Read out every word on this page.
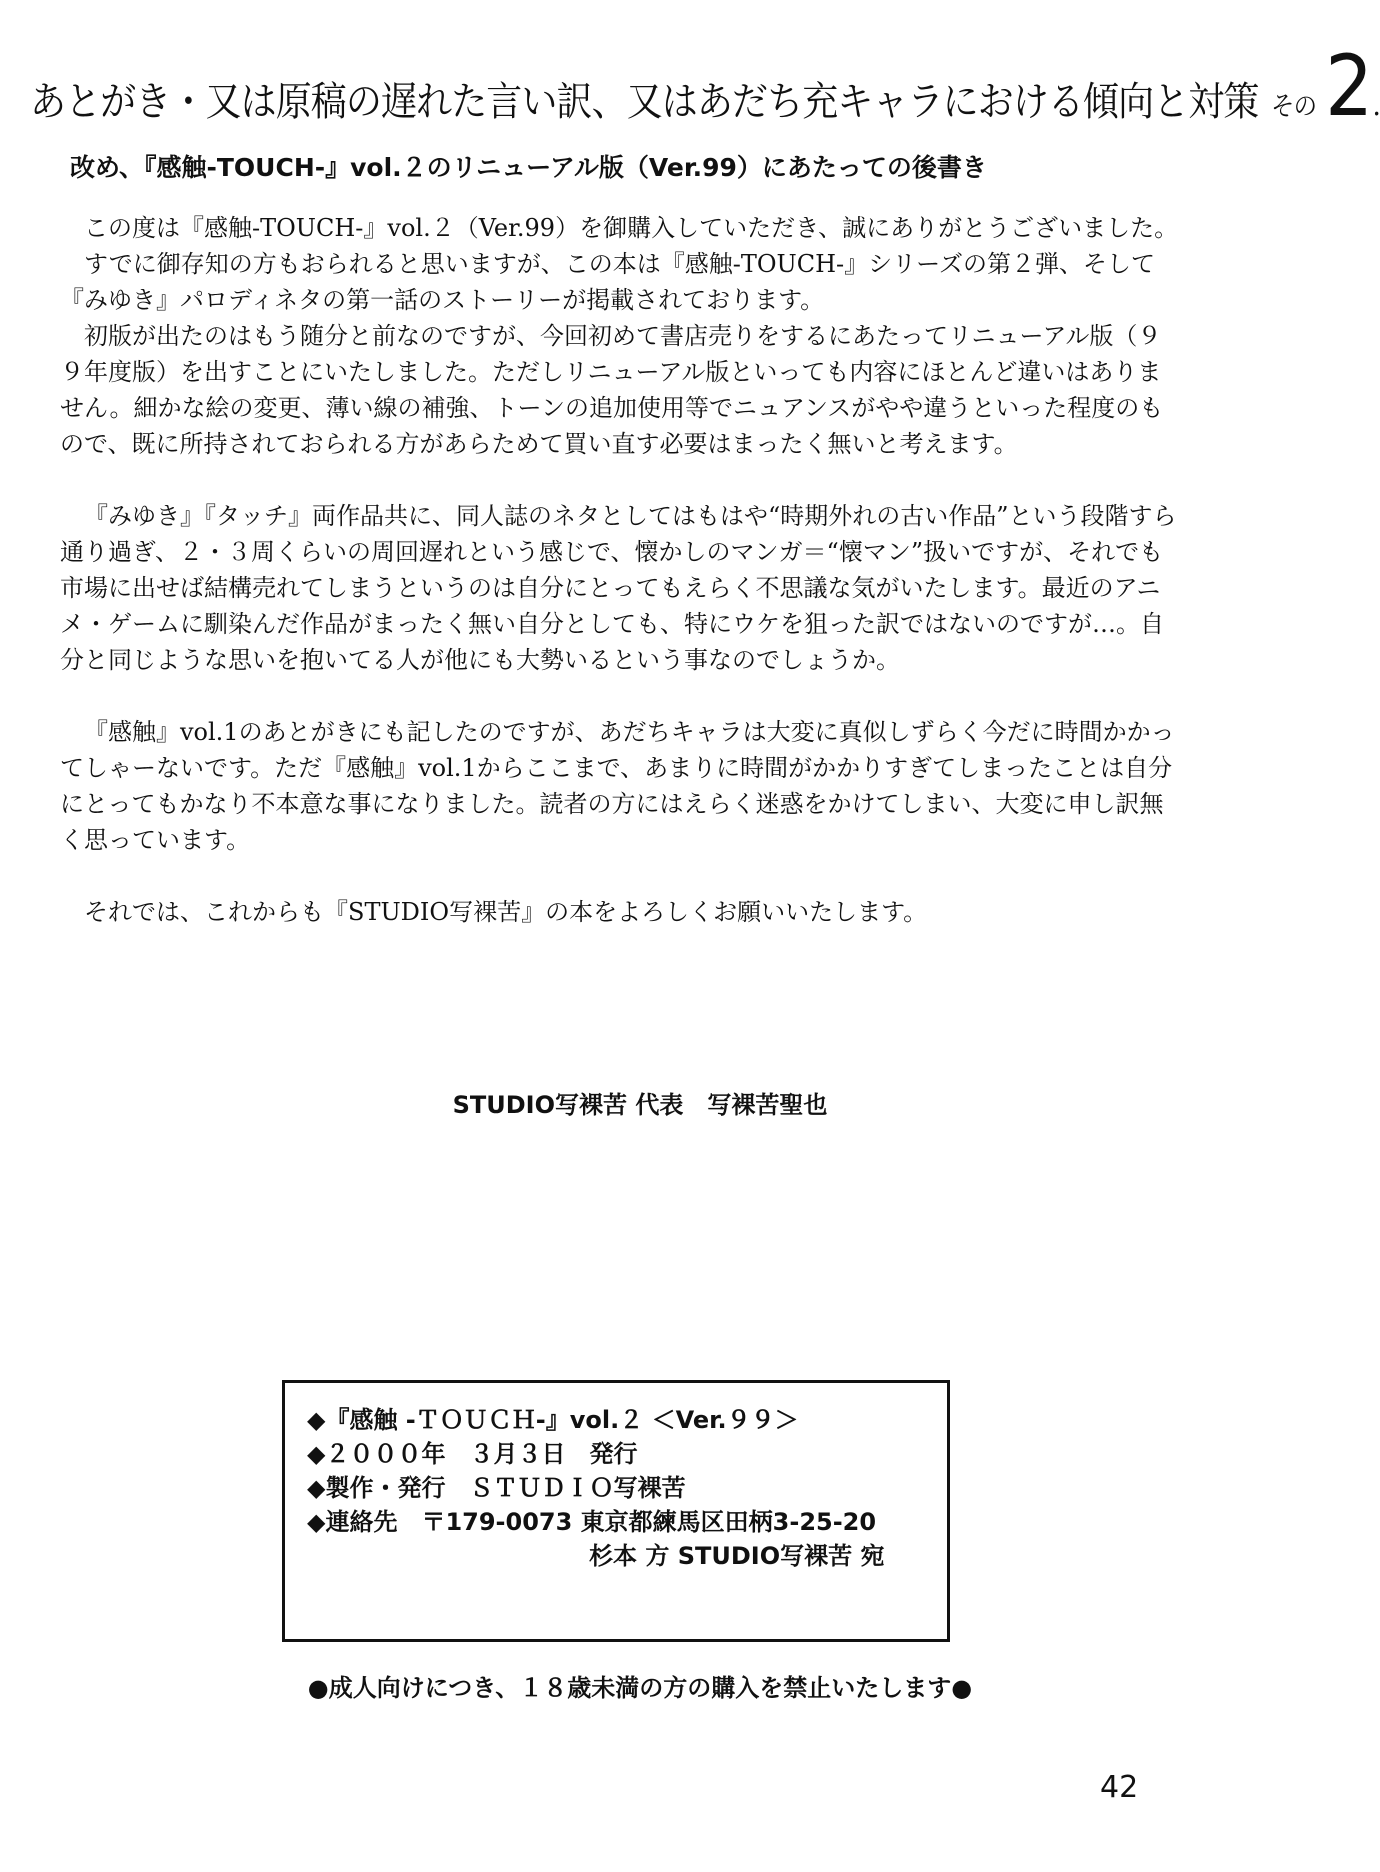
あとがき・又は原稿の遅れた言い訳、又はあだち充キャラにおける傾向と対策 その 2.
改め、『感触-TOUCH-』vol.２のリニューアル版（Ver.99）にあたっての後書き

この度は『感触-TOUCH-』vol.２（Ver.99）を御購入していただき、誠にありがとうございました。

すでに御存知の方もおられると思いますが、この本は『感触-TOUCH-』シリーズの第２弾、そして『みゆき』パロディネタの第一話のストーリーが掲載されております。

初版が出たのはもう随分と前なのですが、今回初めて書店売りをするにあたってリニューアル版（９９年度版）を出すことにいたしました。ただしリニューアル版といっても内容にほとんど違いはありません。細かな絵の変更、薄い線の補強、トーンの追加使用等でニュアンスがやや違うといった程度のもので、既に所持されておられる方があらためて買い直す必要はまったく無いと考えます。

『みゆき』『タッチ』両作品共に、同人誌のネタとしてはもはや“時期外れの古い作品”という段階すら通り過ぎ、２・３周くらいの周回遅れという感じで、懐かしのマンガ＝“懐マン”扱いですが、それでも市場に出せば結構売れてしまうというのは自分にとってもえらく不思議な気がいたします。最近のアニメ・ゲームに馴染んだ作品がまったく無い自分としても、特にウケを狙った訳ではないのですが…。自分と同じような思いを抱いてる人が他にも大勢いるという事なのでしょうか。

『感触』vol.1のあとがきにも記したのですが、あだちキャラは大変に真似しずらく今だに時間かかってしゃーないです。ただ『感触』vol.1からここまで、あまりに時間がかかりすぎてしまったことは自分にとってもかなり不本意な事になりました。読者の方にはえらく迷惑をかけてしまい、大変に申し訳無く思っています。

それでは、これからも『STUDIO写裸苦』の本をよろしくお願いいたします。

STUDIO写裸苦 代表　写裸苦聖也
◆『感触 -ＴＯＵＣＨ-』vol.２ ＜Ver.９９＞
◆２０００年　３月３日　発行
◆製作・発行　ＳＴＵＤＩＯ写裸苦
◆連絡先　〒179-0073 東京都練馬区田柄3-25-20
杉本 方 STUDIO写裸苦 宛
●成人向けにつき、１８歳未満の方の購入を禁止いたします●
42
